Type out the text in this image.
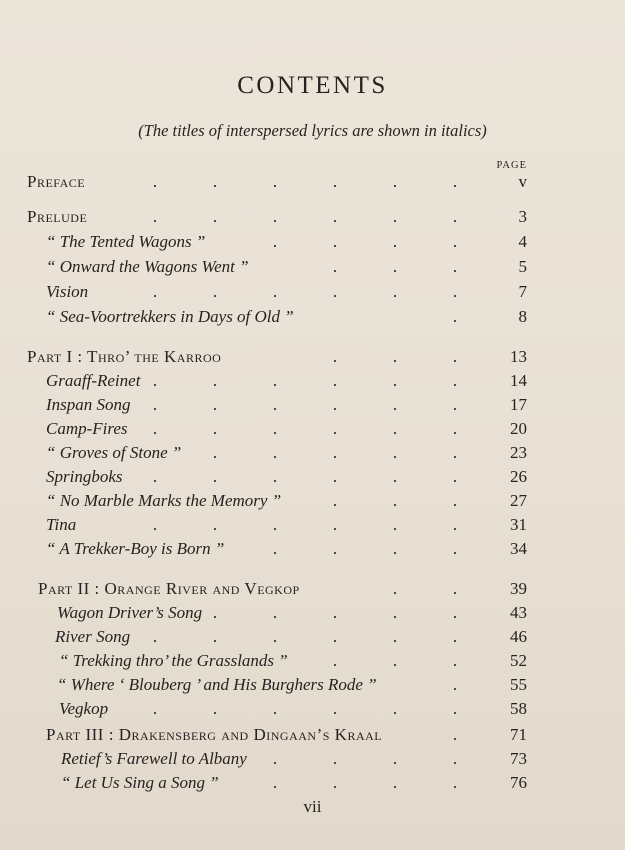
CONTENTS
(The titles of interspersed lyrics are shown in italics)
PAGE
Preface	.	.	.	.	.	.	v
Prelude	.	.	.	.	.	.	3
“ The Tented Wagons ”	.	.	.	.	4
“ Onward the Wagons Went ”	.	.	.	5
Vision	.	.	.	.	.	.	7
“ Sea-Voortrekkers in Days of Old ”	.	8
Part I : Thro’ the Karroo	.	.	.	13
Graaff-Reinet .	.	.	.	.	.	14
Inspan Song	.	.	.	.	.	.	17
Camp-Fires	.	.	.	.	.	.	20
“ Groves of Stone ”	.	.	.	.	.	23
Springboks	.	.	.	.	.	.	26
“ No Marble Marks the Memory ”	.	.	.	27
Tina	.	.	.	.	.	.	31
“ A Trekker-Boy is Born ”	.	.	.	.	34
Part II : Orange River and Vegkop	.	.	39
Wagon Driver’s Song .	.	.	.	.	43
River Song	.	.	.	.	.	.	46
“ Trekking thro’ the Grasslands ”	.	.	.	52
“ Where ‘ Blouberg ’ and His Burghers Rode ”	.	55
Vegkop	.	.	.	.	.	.	58
Part III : Drakensberg and Dingaan’s Kraal	.	71
Retief’s Farewell to Albany	.	.	.	.	73
“ Let Us Sing a Song ”	.	.	.	.	76
vii
